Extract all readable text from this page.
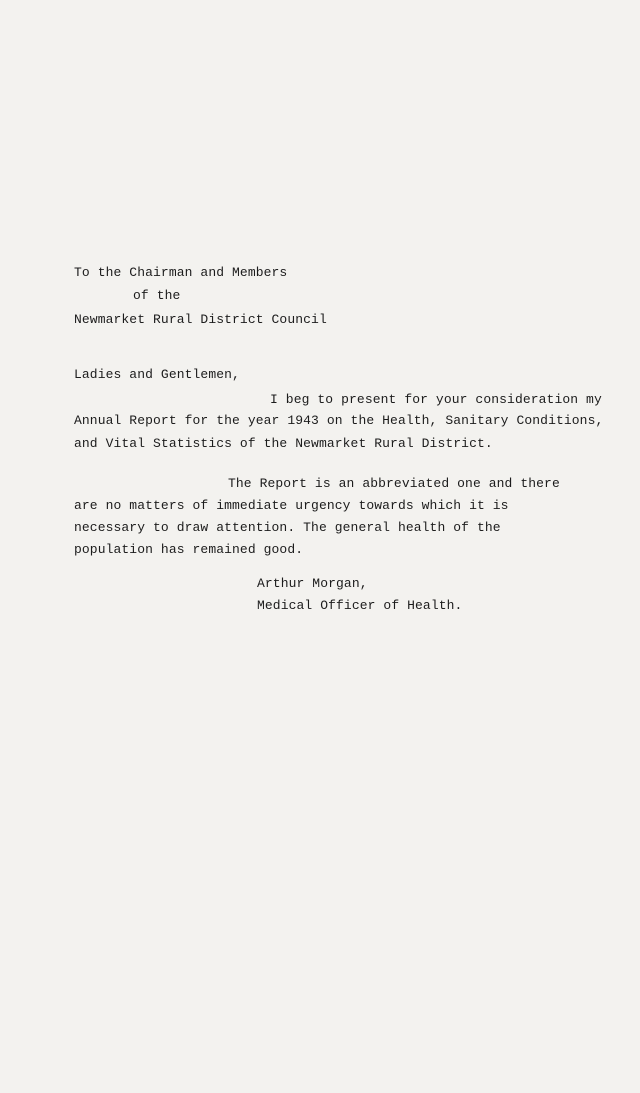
To the Chairman and Members
of the
Newmarket Rural District Council
Ladies and Gentlemen,
I beg to present for your consideration my
Annual Report for the year 1943 on the Health, Sanitary Conditions,
and Vital Statistics of the Newmarket Rural District.
The Report is an abbreviated one and there
are no matters of immediate urgency towards which it is
necessary to draw attention. The general health of the
population has remained good.
Arthur Morgan,
Medical Officer of Health.
